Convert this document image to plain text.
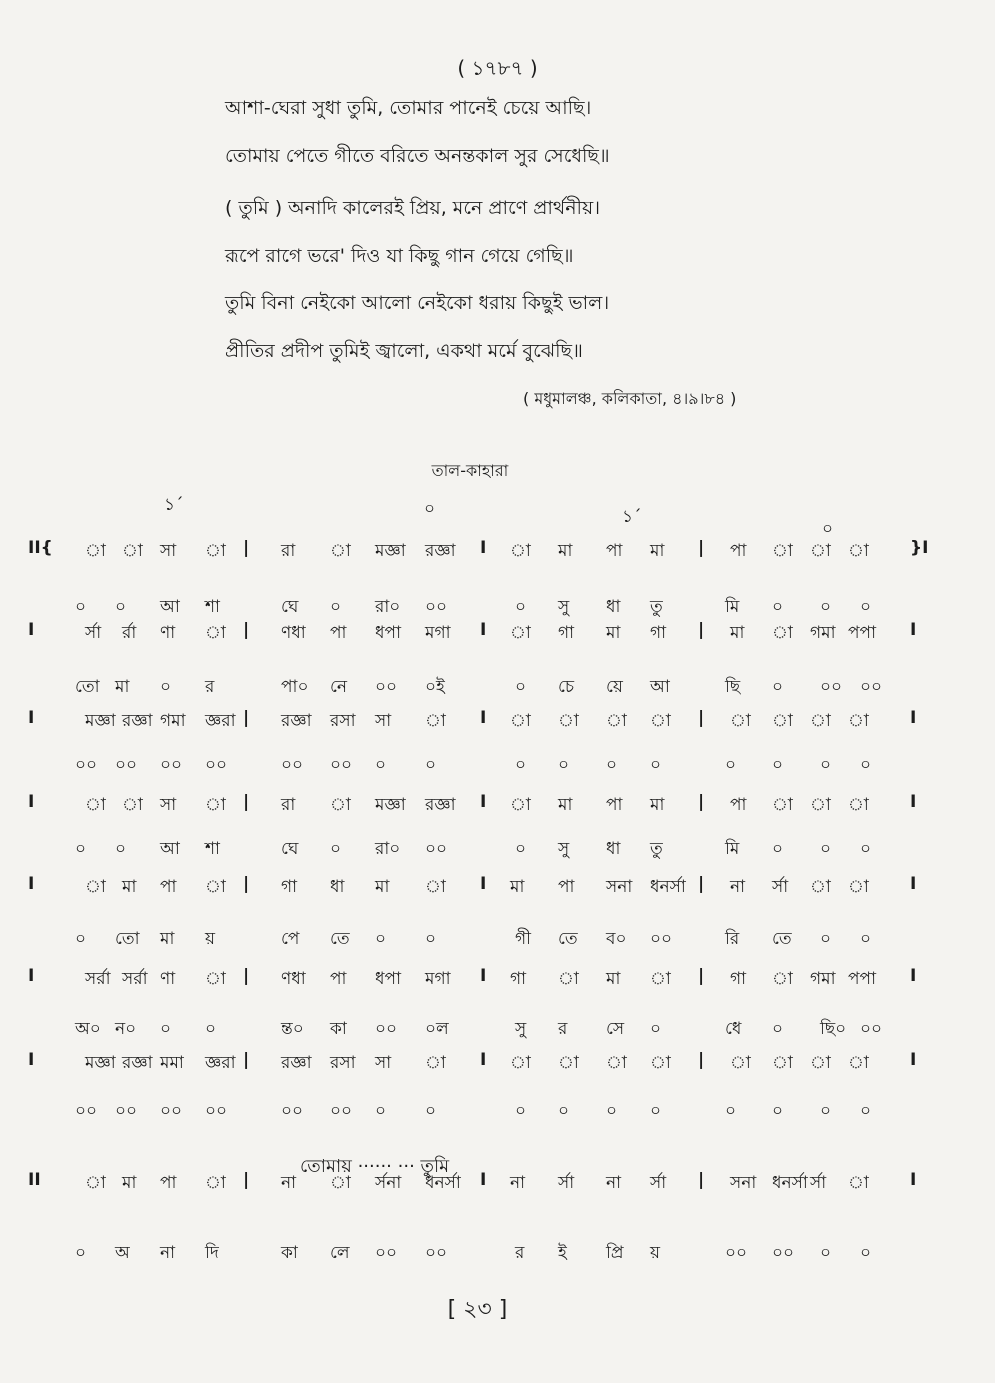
( ১৭৮৭ )
আশা-ঘেরা সুধা তুমি, তোমার পানেই চেয়ে আছি।
তোমায় পেতে গীতে বরিতে অনন্তকাল সুর সেধেছি॥
( তুমি ) অনাদি কালেরই প্রিয়, মনে প্রাণে প্রার্থনীয়।
রূপে রাগে ভরে' দিও যা কিছু গান গেয়ে গেছি॥
তুমি বিনা নেইকো আলো নেইকো ধরায় কিছুই ভাল।
প্রীতির প্রদীপ তুমিই জ্বালো, একথা মর্মে বুঝেছি॥
( মধুমালঞ্চ, কলিকাতা, ৪।৯।৮৪ )
তাল-কাহারা
১´	০	১´
০
II{ া া সা া | রা া মজ্ঞা রজ্ঞা I া মা পা মা | পা া া া }I
০ ০ আ শা	ঘে ০ রা০ ০০	০ সু ধা তু	মি ০ ০ ০
I	র্সা র্রা ণা া | ণধা পা ধপা মগা I া গা মা গা | মা া গমা পপা I
তো মা ০ র	পা০ নে ০০ ০ই	০ চে য়ে আ	ছি ০ ০০ ০০
I	মজ্ঞা রজ্ঞা গমা জ্ঞরা | রজ্ঞা রসা সা া I া া া া | া া া া I
০০ ০০ ০০ ০০	০০ ০০ ০ ০	০ ০ ০ ০	০ ০ ০ ০
I	া া সা া | রা া মজ্ঞা রজ্ঞা I া মা পা মা | পা া া া I
০ ০ আ শা	ঘে ০ রা০ ০০	০ সু ধা তু	মি ০ ০ ০
I	া মা পা া | গা ধা মা া I মা পা সনা ধনর্সা | না র্সা া া I
০ তো মা য়	পে তে ০ ০	গী তে ব০ ০০	রি তে ০ ০
I	সর্রা সর্রা ণা া | ণধা পা ধপা মগা I গা া মা া | গা া গমা পপা I
অ০ ন০ ০ ০	ন্ত০ কা ০০ ০ল	সু র সে ০	ধে ০ ছি০ ০০
I	মজ্ঞা রজ্ঞা মমা জ্ঞরা | রজ্ঞা রসা সা া I া া া া | া া া া I
০০ ০০ ০০ ০০	০০ ০০ ০ ০	০ ০ ০ ০	০ ০ ০ ০
II	া মা পা া | না া র্সনা ধনর্সা I না র্সা না র্সা | সনা ধনর্সা র্সা া I
০ অ না দি	কা লে ০০ ০০	র ই প্রি য়	০০ ০০ ০ ০
তোমায় ······ ··· তুমি
[ ২৩ ]
